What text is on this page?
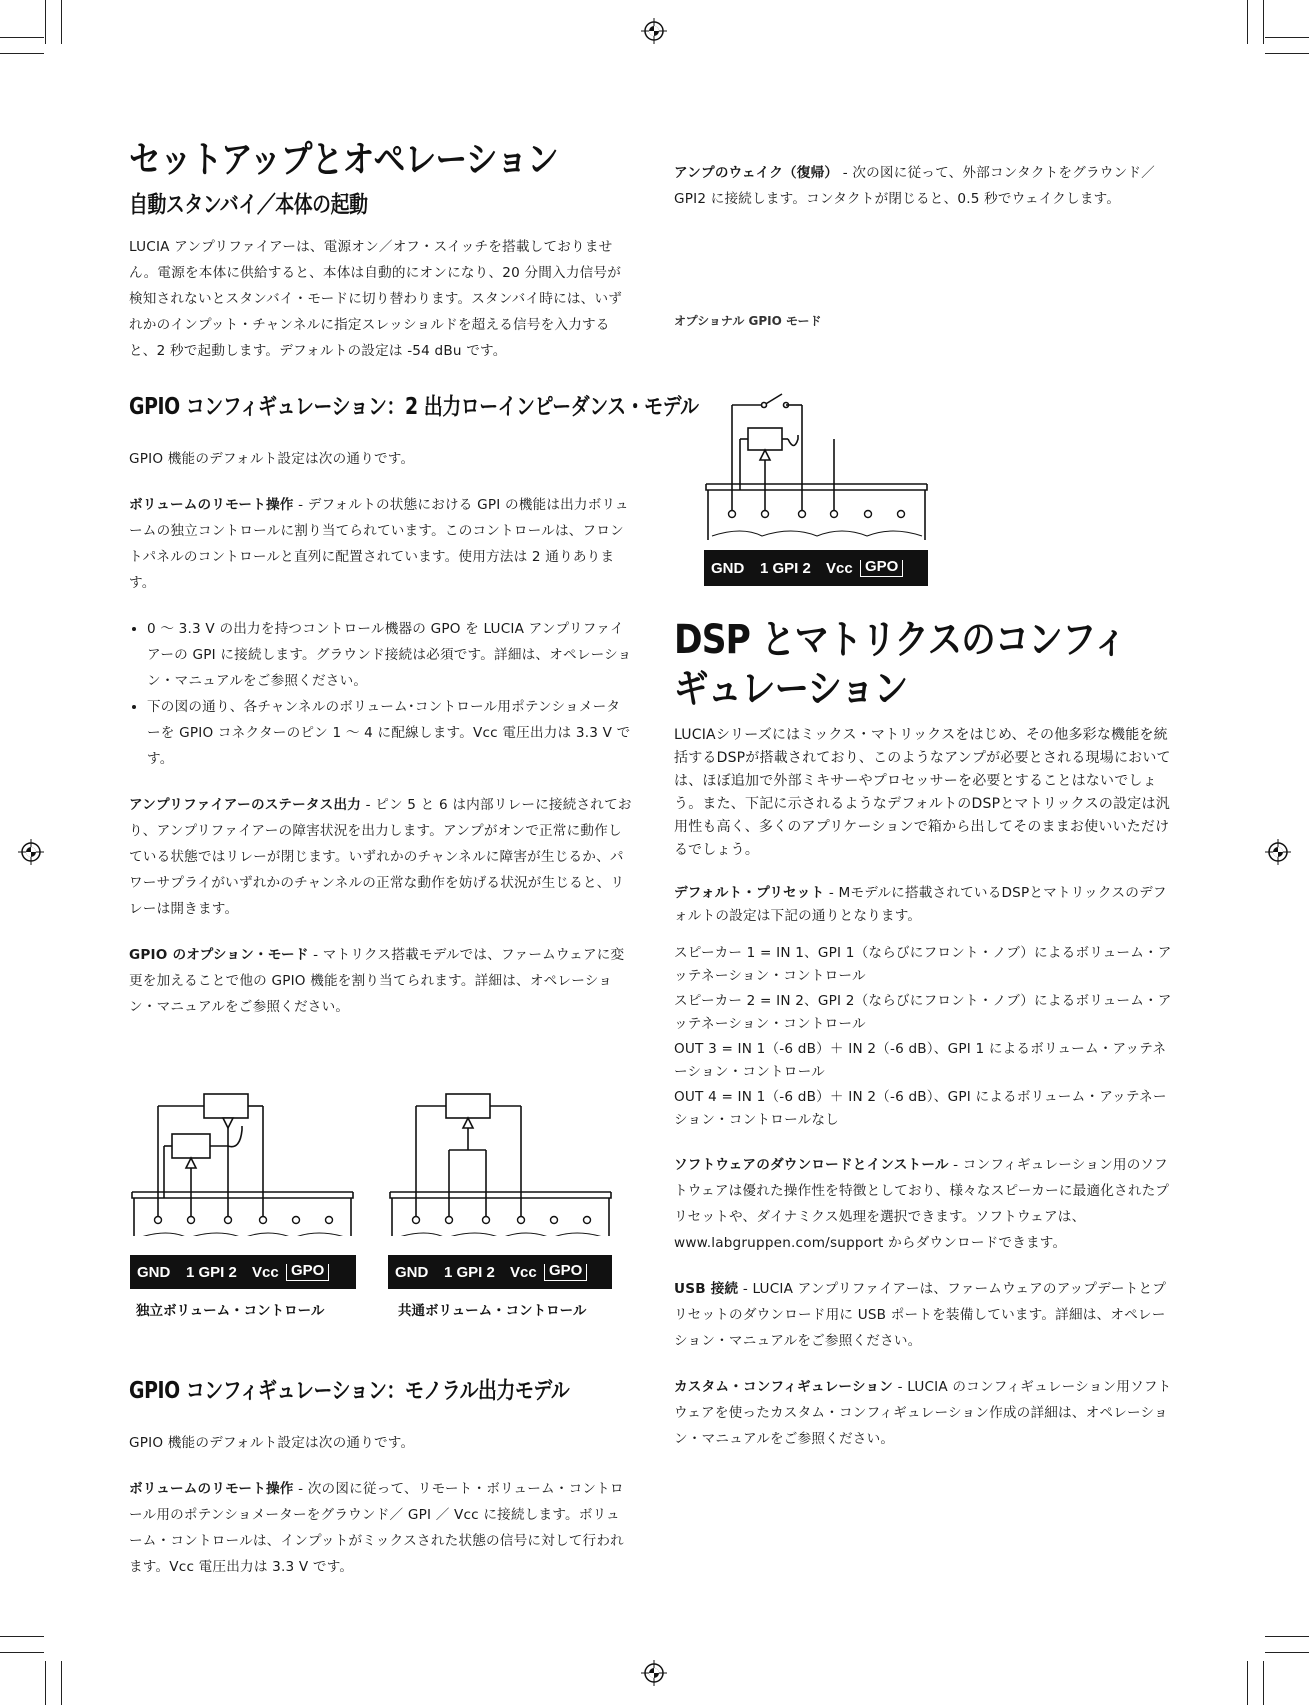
セットアップとオペレーション
自動スタンバイ／本体の起動

LUCIA アンプリファイアーは、電源オン／オフ・スイッチを搭載しておりません。電源を本体に供給すると、本体は自動的にオンになり、20 分間入力信号が検知されないとスタンバイ・モードに切り替わります。スタンバイ時には、いずれかのインプット・チャンネルに指定スレッショルドを超える信号を入力すると、2 秒で起動します。デフォルトの設定は -54 dBu です。

GPIO コンフィギュレーション：2 出力ローインピーダンス・モデル

GPIO 機能のデフォルト設定は次の通りです。

ボリュームのリモート操作 - デフォルトの状態における GPI の機能は出力ボリュームの独立コントロールに割り当てられています。このコントロールは、フロントパネルのコントロールと直列に配置されています。使用方法は 2 通りあります。

• 0 ～ 3.3 V の出力を持つコントロール機器の GPO を LUCIA アンプリファイアーの GPI に接続します。グラウンド接続は必須です。詳細は、オペレーション・マニュアルをご参照ください。
• 下の図の通り、各チャンネルのボリューム･コントロール用ポテンショメーターを GPIO コネクターのピン 1 ～ 4 に配線します。Vcc 電圧出力は 3.3 V です。

アンプリファイアーのステータス出力 - ピン 5 と 6 は内部リレーに接続されており、アンプリファイアーの障害状況を出力します。アンプがオンで正常に動作している状態ではリレーが閉じます。いずれかのチャンネルに障害が生じるか、パワーサプライがいずれかのチャンネルの正常な動作を妨げる状況が生じると、リレーは開きます。

GPIO のオプション・モード - マトリクス搭載モデルでは、ファームウェアに変更を加えることで他の GPIO 機能を割り当てられます。詳細は、オペレーション・マニュアルをご参照ください。

GND	1 GPI 2	Vcc GPO
独立ボリューム・コントロール
GND	1 GPI 2	Vcc GPO
共通ボリューム・コントロール
GPIO コンフィギュレーション：モノラル出力モデル

GPIO 機能のデフォルト設定は次の通りです。

ボリュームのリモート操作 - 次の図に従って、リモート・ボリューム・コントロール用のポテンショメーターをグラウンド／ GPI ／ Vcc に接続します。ボリューム・コントロールは、インプットがミックスされた状態の信号に対して行われます。Vcc 電圧出力は 3.3 V です。

アンプのウェイク（復帰） - 次の図に従って、外部コンタクトをグラウンド／ GPI2 に接続します。コンタクトが閉じると、0.5 秒でウェイクします。

オプショナル GPIO モード
GND	1 GPI 2	Vcc GPO
DSP とマトリクスのコンフィギュレーション

LUCIAシリーズにはミックス・マトリックスをはじめ、その他多彩な機能を統括するDSPが搭載されており、このようなアンプが必要とされる現場においては、ほぼ追加で外部ミキサーやプロセッサーを必要とすることはないでしょう。また、下記に示されるようなデフォルトのDSPとマトリックスの設定は汎用性も高く、多くのアプリケーションで箱から出してそのままお使いいただけるでしょう。

デフォルト・プリセット - Mモデルに搭載されているDSPとマトリックスのデフォルトの設定は下記の通りとなります。

スピーカー 1 = IN 1、GPI 1（ならびにフロント・ノブ）によるボリューム・アッテネーション・コントロール

スピーカー 2 = IN 2、GPI 2（ならびにフロント・ノブ）によるボリューム・アッテネーション・コントロール

OUT 3 = IN 1（-6 dB）＋ IN 2（-6 dB）、GPI 1 によるボリューム・アッテネーション・コントロール

OUT 4 = IN 1（-6 dB）＋ IN 2（-6 dB）、GPI によるボリューム・アッテネーション・コントロールなし

ソフトウェアのダウンロードとインストール - コンフィギュレーション用のソフトウェアは優れた操作性を特徴としており、様々なスピーカーに最適化されたプリセットや、ダイナミクス処理を選択できます。ソフトウェアは、www.labgruppen.com/support からダウンロードできます。

USB 接続 - LUCIA アンプリファイアーは、ファームウェアのアップデートとプリセットのダウンロード用に USB ポートを装備しています。詳細は、オペレーション・マニュアルをご参照ください。

カスタム・コンフィギュレーション - LUCIA のコンフィギュレーション用ソフトウェアを使ったカスタム・コンフィギュレーション作成の詳細は、オペレーション・マニュアルをご参照ください。
